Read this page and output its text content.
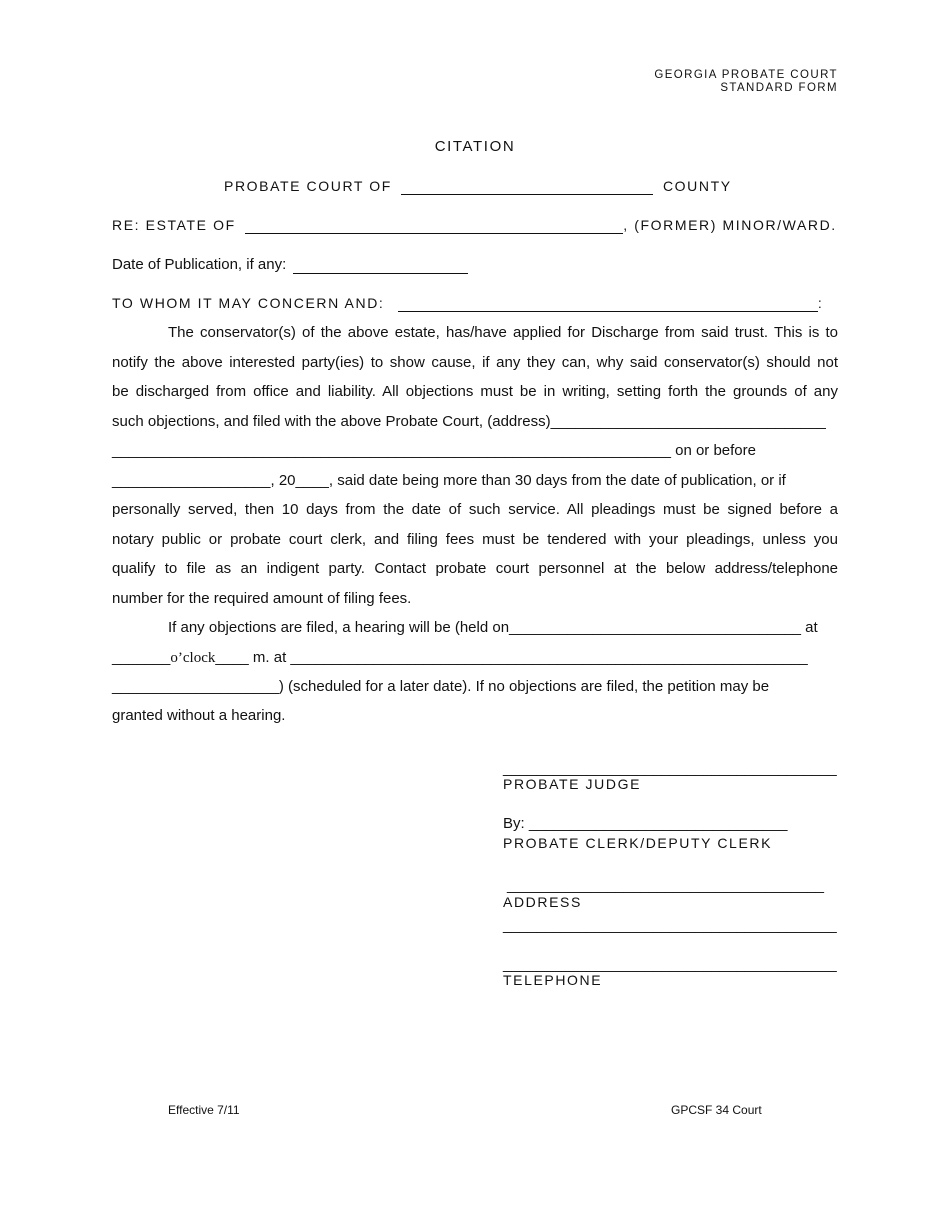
GEORGIA PROBATE COURT
STANDARD FORM
CITATION
PROBATE COURT OF	COUNTY
RE: ESTATE OF	, (FORMER) MINOR/WARD.
Date of Publication, if any:
TO WHOM IT MAY CONCERN AND:	:
The conservator(s) of the above estate, has/have applied for Discharge from said trust. This is to
notify the above interested party(ies) to show cause, if any they can, why said conservator(s) should not
be discharged from office and liability. All objections must be in writing, setting forth the grounds of any
such objections, and filed with the above Probate Court, (address)_________________________________
___________________________________________________________________ on or before
___________________, 20____, said date being more than 30 days from the date of publication, or if
personally served, then 10 days from the date of such service. All pleadings must be signed before a
notary public or probate court clerk, and filing fees must be tendered with your pleadings, unless you
qualify to file as an indigent party. Contact probate court personnel at the below address/telephone
number for the required amount of filing fees.
If any objections are filed, a hearing will be (held on___________________________________ at
_______o’clock____ m. at ______________________________________________________________
____________________) (scheduled for a later date). If no objections are filed, the petition may be
granted without a hearing.
________________________________________
PROBATE JUDGE
By: _______________________________
PROBATE CLERK/DEPUTY CLERK
______________________________________
ADDRESS
________________________________________
________________________________________
TELEPHONE
Effective 7/11	GPCSF 34 Court
